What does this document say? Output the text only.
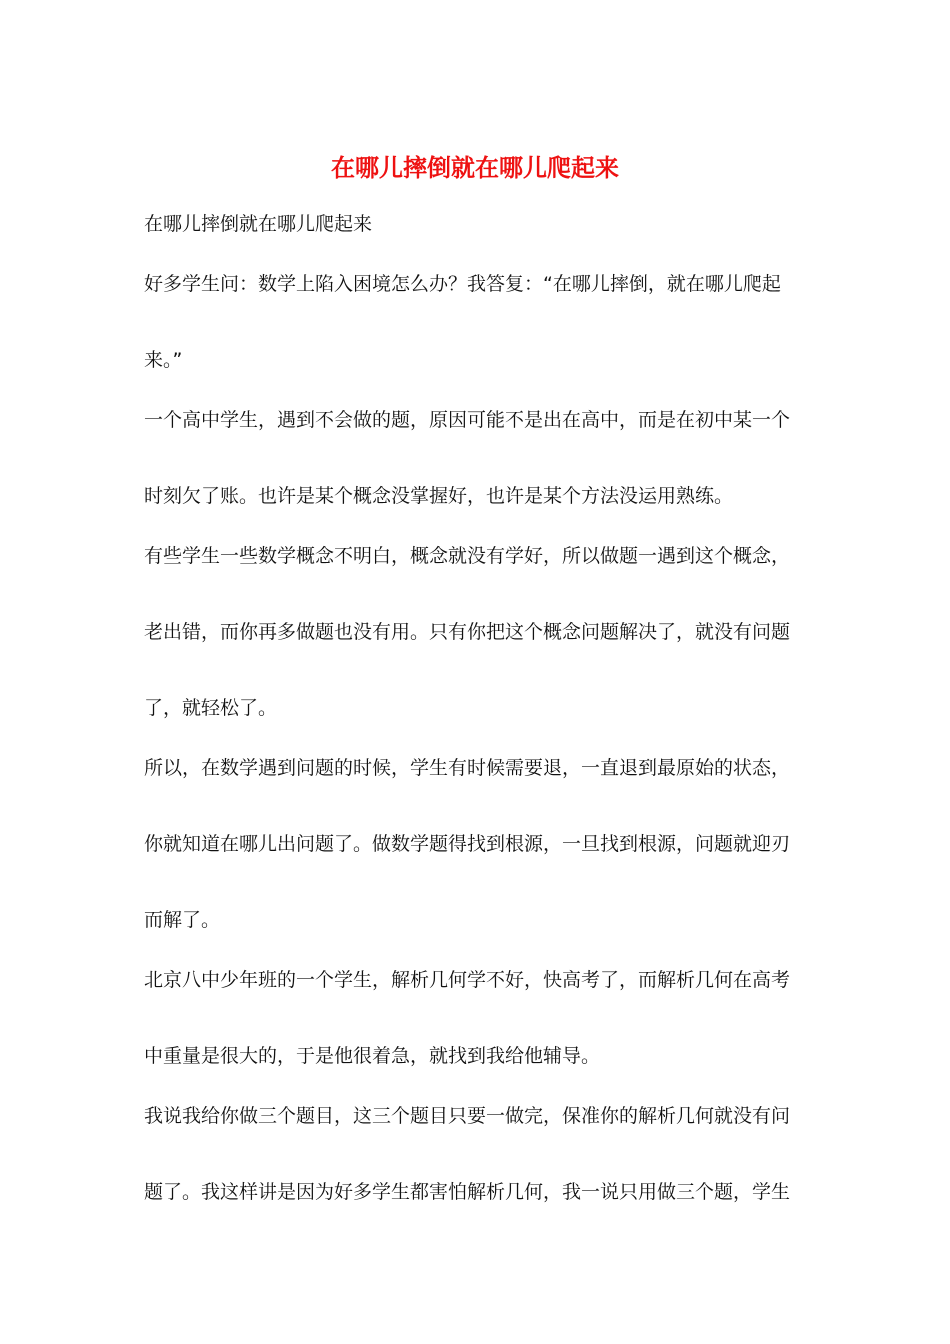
在哪儿摔倒就在哪儿爬起来
在哪儿摔倒就在哪儿爬起来
好多学生问：数学上陷入困境怎么办？我答复：“在哪儿摔倒，就在哪儿爬起
来。”
一个高中学生，遇到不会做的题，原因可能不是出在高中，而是在初中某一个
时刻欠了账。也许是某个概念没掌握好，也许是某个方法没运用熟练。
有些学生一些数学概念不明白，概念就没有学好，所以做题一遇到这个概念，
老出错，而你再多做题也没有用。只有你把这个概念问题解决了，就没有问题
了，就轻松了。
所以，在数学遇到问题的时候，学生有时候需要退，一直退到最原始的状态，
你就知道在哪儿出问题了。做数学题得找到根源，一旦找到根源，问题就迎刃
而解了。
北京八中少年班的一个学生，解析几何学不好，快高考了，而解析几何在高考
中重量是很大的，于是他很着急，就找到我给他辅导。
我说我给你做三个题目，这三个题目只要一做完，保准你的解析几何就没有问
题了。我这样讲是因为好多学生都害怕解析几何，我一说只用做三个题，学生
